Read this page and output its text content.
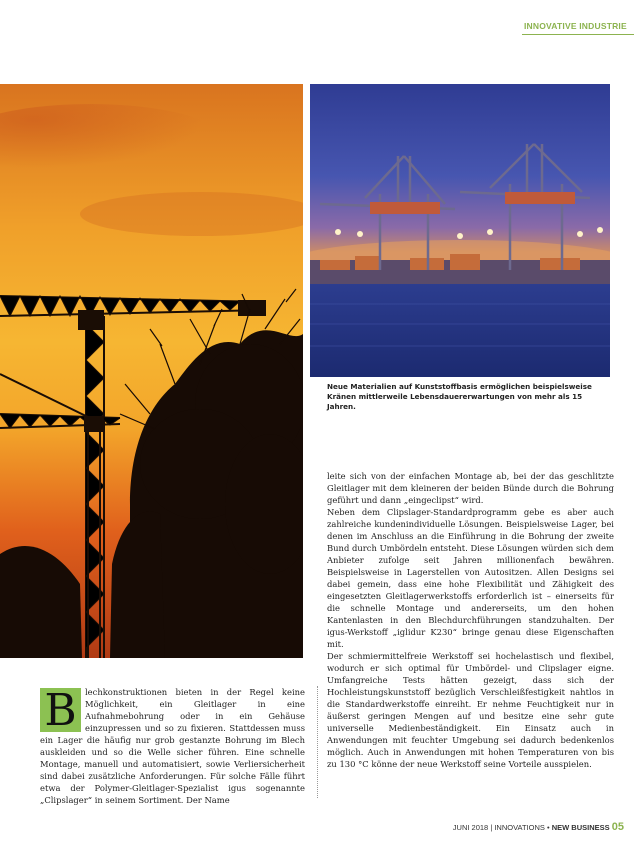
INNOVATIVE INDUSTRIE
Neue Materialien auf Kunststoffbasis ermöglichen beispielsweise Kränen mittlerweile Lebensdauererwartungen von mehr als 15 Jahren.

B lechkonstruktionen bieten in der Regel keine Möglichkeit, ein Gleitlager in eine Aufnahmebohrung oder in ein Gehäuse einzupressen und so zu fixieren. Stattdessen muss ein Lager die häufig nur grob gestanzte Bohrung im Blech auskleiden und so die Welle sicher führen. Eine schnelle Montage, manuell und automatisiert, sowie Verliersicherheit sind dabei zusätzliche Anforderungen. Für solche Fälle führt etwa der Polymer-Gleitlager-Spezialist igus sogenannte „Clipslager“ in seinem Sortiment. Der Name

leite sich von der einfachen Montage ab, bei der das geschlitzte Gleitlager mit dem kleineren der beiden Bünde durch die Bohrung geführt und dann „eingeclipst“ wird.

Neben dem Clipslager-Standardprogramm gebe es aber auch zahlreiche kundenindividuelle Lösungen. Beispielsweise Lager, bei denen im Anschluss an die Einführung in die Bohrung der zweite Bund durch Umbördeln entsteht. Diese Lösungen würden sich dem Anbieter zufolge seit Jahren millionenfach bewähren. Beispielsweise in Lagerstellen von Autositzen. Allen Designs sei dabei gemein, dass eine hohe Flexibilität und Zähigkeit des eingesetzten Gleitlagerwerkstoffs erforderlich ist – einerseits für die schnelle Montage und andererseits, um den hohen Kantenlasten in den Blechdurchführungen standzuhalten. Der igus-Werkstoff „iglidur K230“ bringe genau diese Eigenschaften mit.

Der schmiermittelfreie Werkstoff sei hochelastisch und flexibel, wodurch er sich optimal für Umbördel- und Clipslager eigne. Umfangreiche Tests hätten gezeigt, dass sich der Hochleistungskunststoff bezüglich Verschleißfestigkeit nahtlos in die Standardwerkstoffe einreiht. Er nehme Feuchtigkeit nur in äußerst geringen Mengen auf und besitze eine sehr gute universelle Medienbeständigkeit. Ein Einsatz auch in Anwendungen mit feuchter Umgebung sei dadurch bedenkenlos möglich. Auch in Anwendungen mit hohen Temperaturen von bis zu 130 °C könne der neue Werkstoff seine Vorteile ausspielen.

JUNI 2018 | INNOVATIONS • NEW BUSINESS 05
